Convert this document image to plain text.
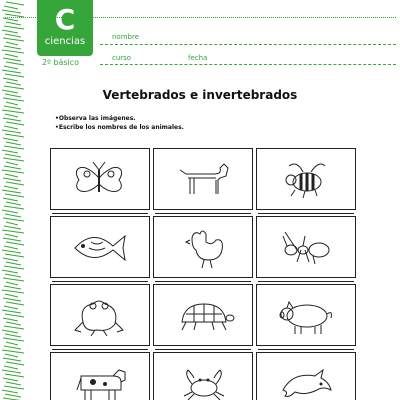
C
ciencias
2º básico
nombre
curso	fecha
Vertebrados e invertebrados
• Observa las imágenes.
• Escribe los nombres de los animales.
